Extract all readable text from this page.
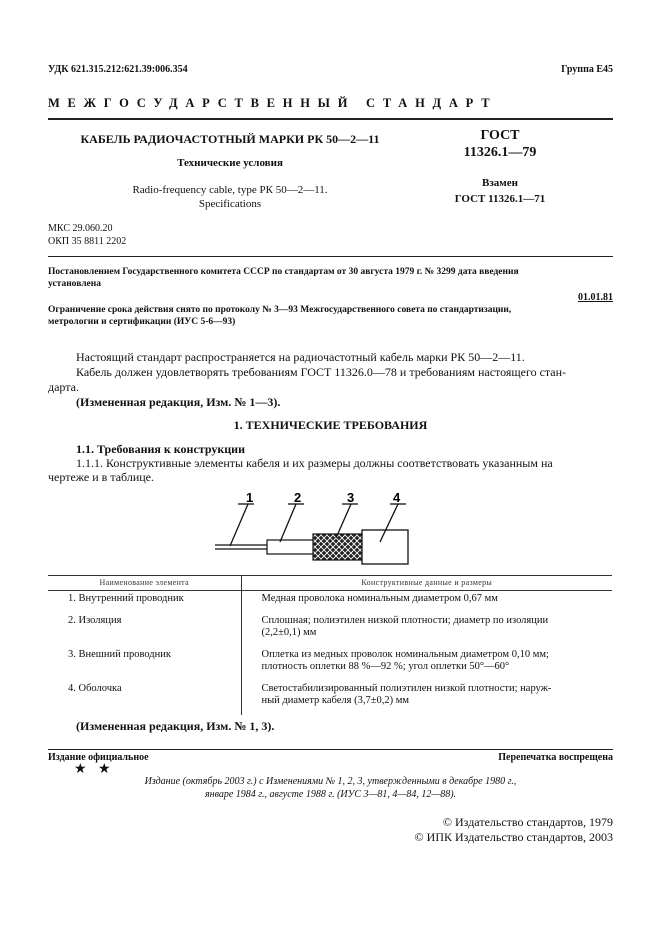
УДК 621.315.212:621.39:006.354	Группа Е45
МЕЖГОСУДАРСТВЕННЫЙ СТАНДАРТ
КАБЕЛЬ РАДИОЧАСТОТНЫЙ МАРКИ РК 50—2—11
Технические условия
Radio-frequency cable, type РК 50—2—11.
Specifications
ГОСТ
11326.1—79
Взамен
ГОСТ 11326.1—71
МКС 29.060.20
ОКП 35 8811 2202
Постановлением Государственного комитета СССР по стандартам от 30 августа 1979 г. № 3299 дата введения
установлена
01.01.81
Ограничение срока действия снято по протоколу № 3—93 Межгосударственного совета по стандартизации,
метрологии и сертификации (ИУС 5-6—93)
Настоящий стандарт распространяется на радиочастотный кабель марки РК 50—2—11.
Кабель должен удовлетворять требованиям ГОСТ 11326.0—78 и требованиям настоящего стан-
дарта.
(Измененная редакция, Изм. № 1—3).
1. ТЕХНИЧЕСКИЕ ТРЕБОВАНИЯ
1.1. Требования к конструкции
1.1.1. Конструктивные элементы кабеля и их размеры должны соответствовать указанным на
чертеже и в таблице.
1	2	3	4
Наименование элемента	Конструктивные данные и размеры
1. Внутренний проводник	Медная проволока номинальным диаметром 0,67 мм
2. Изоляция	Сплошная; полиэтилен низкой плотности; диаметр по изоляции
(2,2±0,1) мм
3. Внешний проводник	Оплетка из медных проволок номинальным диаметром 0,10 мм;
плотность оплетки 88 %—92 %; угол оплетки 50°—60°
4. Оболочка	Светостабилизированный полиэтилен низкой плотности; наруж-
ный диаметр кабеля (3,7±0,2) мм
(Измененная редакция, Изм. № 1, 3).
Издание официальное	Перепечатка воспрещена
★ ★
Издание (октябрь 2003 г.) с Изменениями № 1, 2, 3, утвержденными в декабре 1980 г.,
январе 1984 г., августе 1988 г. (ИУС 3—81, 4—84, 12—88).
© Издательство стандартов, 1979
© ИПК Издательство стандартов, 2003
